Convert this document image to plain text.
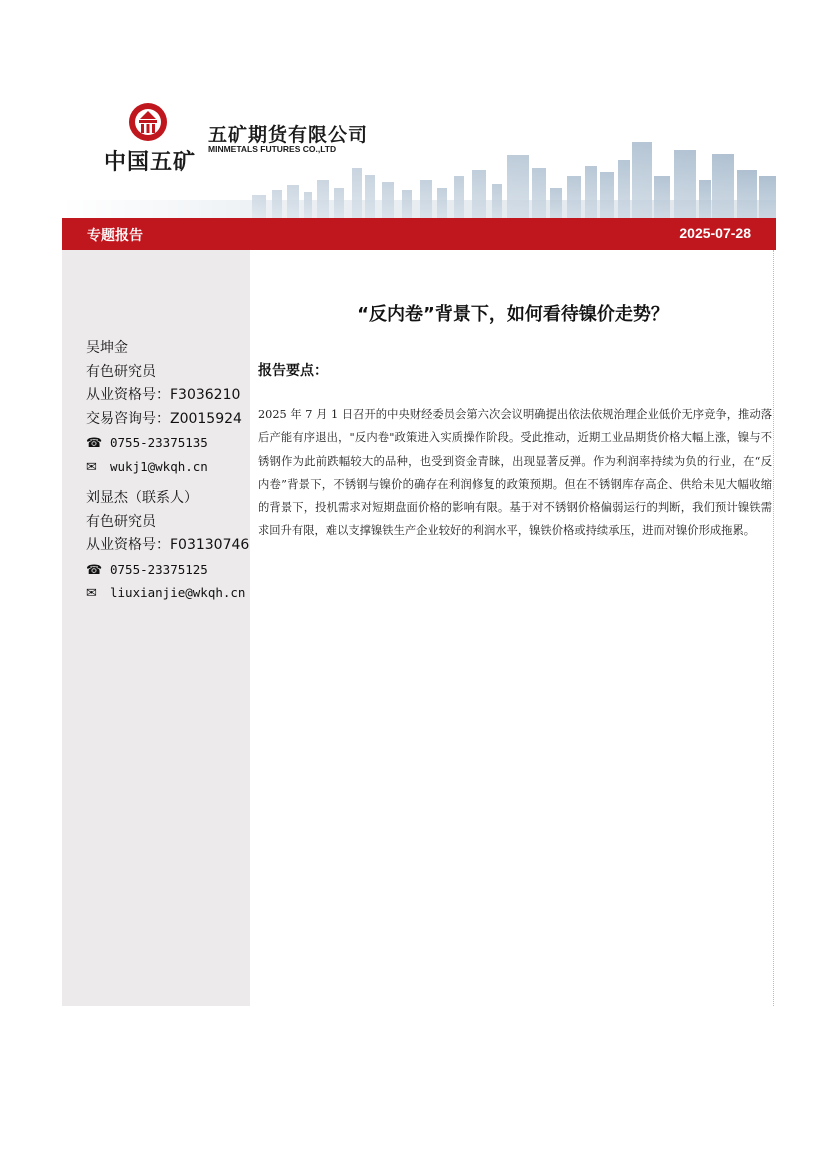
中国五矿
五矿期货有限公司
MINMETALS FUTURES CO.,LTD
专题报告	2025-07-28
吴坤金
有色研究员
从业资格号：F3036210
交易咨询号：Z0015924
☎ 0755-23375135
✉ wukj1@wkqh.cn
刘显杰（联系人）
有色研究员
从业资格号：F03130746
☎ 0755-23375125
✉ liuxianjie@wkqh.cn
“反内卷”背景下，如何看待镍价走势？
报告要点：
2025 年 7 月 1 日召开的中央财经委员会第六次会议明确提出依法依规治理企业低价无序竞争，推动落后产能有序退出，"反内卷"政策进入实质操作阶段。受此推动，近期工业品期货价格大幅上涨，镍与不锈钢作为此前跌幅较大的品种，也受到资金青睐，出现显著反弹。作为利润率持续为负的行业，在“反内卷”背景下，不锈钢与镍价的确存在利润修复的政策预期。但在不锈钢库存高企、供给未见大幅收缩的背景下，投机需求对短期盘面价格的影响有限。基于对不锈钢价格偏弱运行的判断，我们预计镍铁需求回升有限，难以支撑镍铁生产企业较好的利润水平，镍铁价格或持续承压，进而对镍价形成拖累。
